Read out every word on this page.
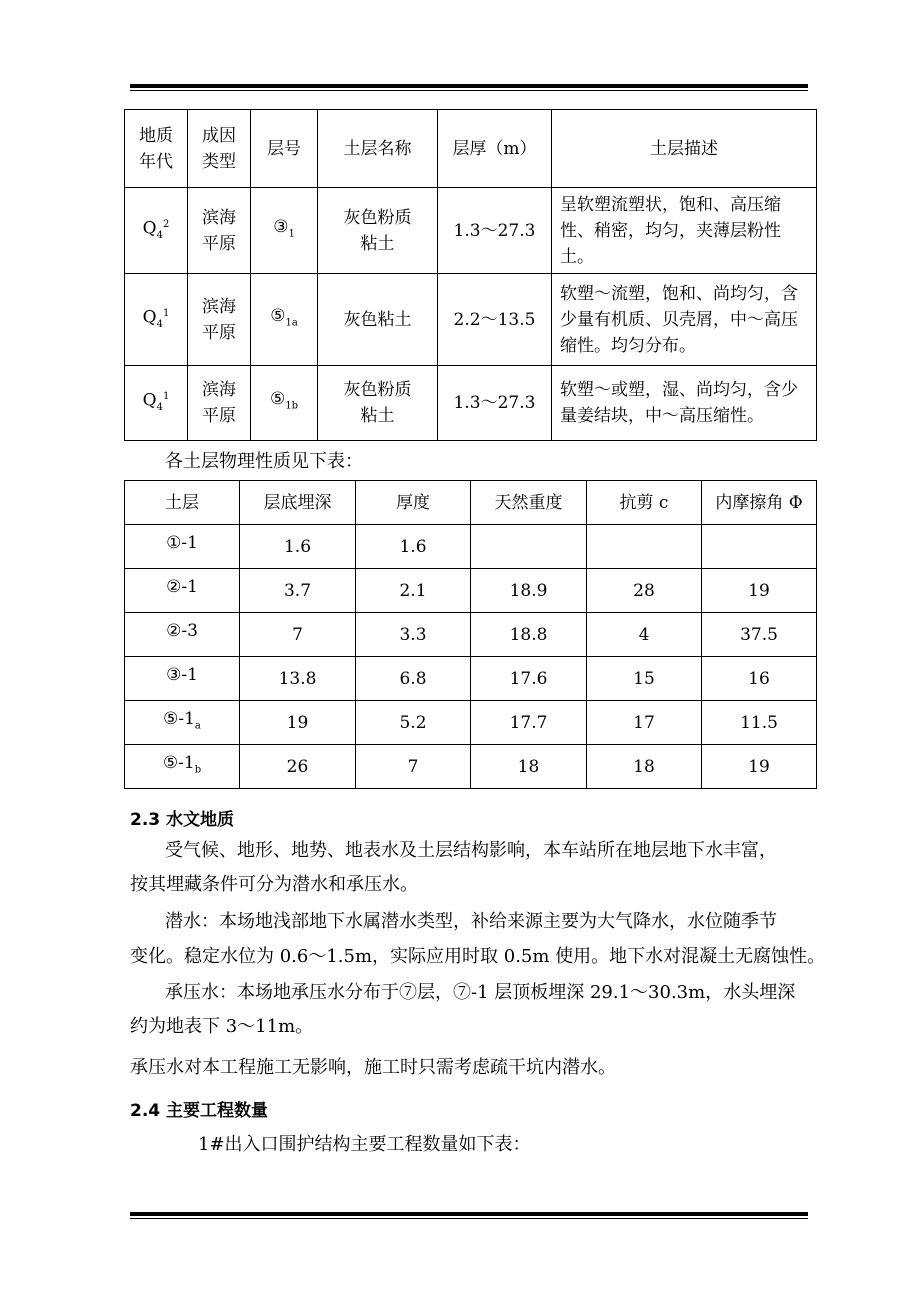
地质年代	成因类型	层号	土层名称	层厚（m）	土层描述
$Q_4^2$	滨海平原	$③_1$	灰色粉质粘土	1.3～27.3	呈软塑流塑状，饱和、高压缩性、稍密，均匀，夹薄层粉性土。
$Q_4^1$	滨海平原	$⑤_{1a}$	灰色粘土	2.2～13.5	软塑～流塑，饱和、尚均匀，含少量有机质、贝壳屑，中～高压缩性。均匀分布。
$Q_4^1$	滨海平原	$⑤_{1b}$	灰色粉质粘土	1.3～27.3	软塑～或塑，湿、尚均匀，含少量姜结块，中～高压缩性。

各土层物理性质见下表：

土层	层底埋深	厚度	天然重度	抗剪 c	内摩擦角 Φ
①-1	1.6	1.6			
②-1	3.7	2.1	18.9	28	19
②-3	7	3.3	18.8	4	37.5
③-1	13.8	6.8	17.6	15	16
$⑤-1_a$	19	5.2	17.7	17	11.5
$⑤-1_b$	26	7	18	18	19
2.3 水文地质

受气候、地形、地势、地表水及土层结构影响，本车站所在地层地下水丰富，

按其埋藏条件可分为潜水和承压水。

潜水：本场地浅部地下水属潜水类型，补给来源主要为大气降水，水位随季节

变化。稳定水位为 0.6～1.5m，实际应用时取 0.5m 使用。地下水对混凝土无腐蚀性。

承压水：本场地承压水分布于⑦层，⑦-1 层顶板埋深 29.1～30.3m，水头埋深

约为地表下 3～11m。

承压水对本工程施工无影响，施工时只需考虑疏干坑内潜水。

2.4 主要工程数量

1#出入口围护结构主要工程数量如下表：
